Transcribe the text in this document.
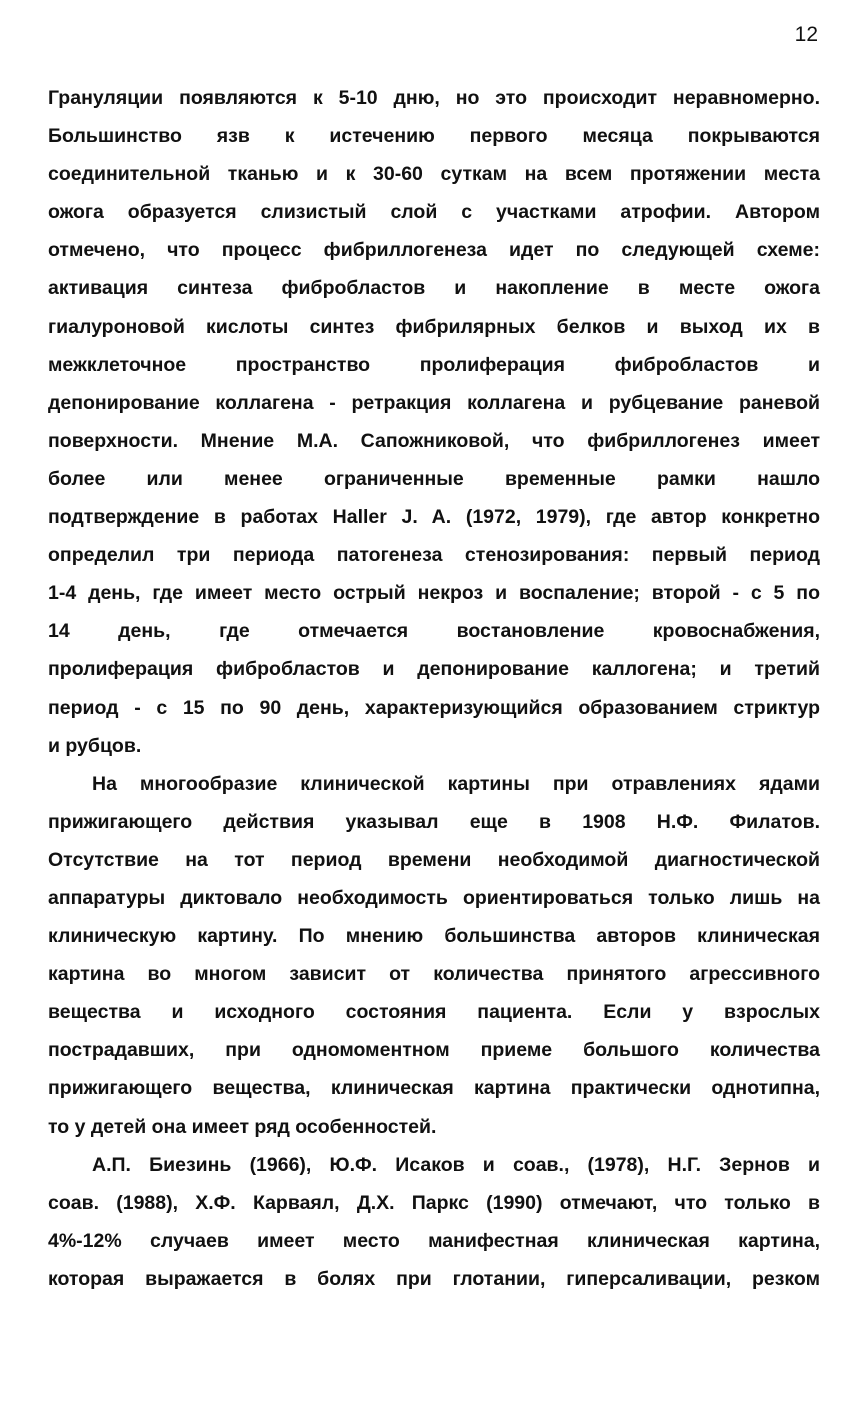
12
Грануляции появляются к 5-10 дню, но это происходит неравномерно.
Большинство язв к истечению первого месяца покрываются
соединительной тканью и к 30-60 суткам на всем протяжении места
ожога образуется слизистый слой с участками атрофии. Автором
отмечено, что процесс фибриллогенеза идет по следующей схеме:
активация синтеза фибробластов и накопление в месте ожога
гиалуроновой кислоты синтез фибрилярных белков и выход их в
межклеточное пространство пролиферация фибробластов и
депонирование коллагена - ретракция коллагена и рубцевание раневой
поверхности. Мнение М.А. Сапожниковой, что фибриллогенез имеет
более или менее ограниченные временные рамки нашло
подтверждение в работах Haller J. A. (1972, 1979), где автор конкретно
определил три периода патогенеза стенозирования: первый период
1-4 день, где имеет место острый некроз и воспаление; второй - с 5 по
14 день, где отмечается востановление кровоснабжения,
пролиферация фибробластов и депонирование каллогена; и третий
период - с 15 по 90 день, характеризующийся образованием стриктур
и рубцов.
На многообразие клинической картины при отравлениях ядами
прижигающего действия указывал еще в 1908 Н.Ф. Филатов.
Отсутствие на тот период времени необходимой диагностической
аппаратуры диктовало необходимость ориентироваться только лишь на
клиническую картину. По мнению большинства авторов клиническая
картина во многом зависит от количества принятого агрессивного
вещества и исходного состояния пациента. Если у взрослых
пострадавших, при одномоментном приеме большого количества
прижигающего вещества, клиническая картина практически однотипна,
то у детей она имеет ряд особенностей.
А.П. Биезинь (1966), Ю.Ф. Исаков и соав., (1978), Н.Г. Зернов и
соав. (1988), Х.Ф. Карваял, Д.Х. Паркс (1990) отмечают, что только в
4%-12% случаев имеет место манифестная клиническая картина,
которая выражается в болях при глотании, гиперсаливации, резком
